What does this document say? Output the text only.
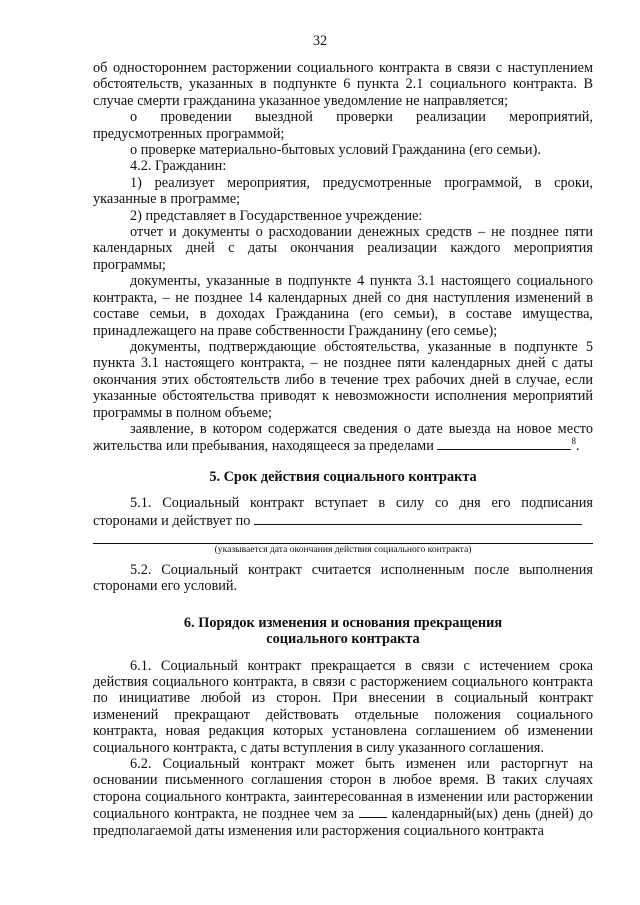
32

об одностороннем расторжении социального контракта в связи с наступлением обстоятельств, указанных в подпункте 6 пункта 2.1 социального контракта. В случае смерти гражданина указанное уведомление не направляется;

о проведении выездной проверки реализации мероприятий, предусмотренных программой;

о проверке материально-бытовых условий Гражданина (его семьи).

4.2. Гражданин:

1) реализует мероприятия, предусмотренные программой, в сроки, указанные в программе;

2) представляет в Государственное учреждение:

отчет и документы о расходовании денежных средств – не позднее пяти календарных дней с даты окончания реализации каждого мероприятия программы;

документы, указанные в подпункте 4 пункта 3.1 настоящего социального контракта, – не позднее 14 календарных дней со дня наступления изменений в составе семьи, в доходах Гражданина (его семьи), в составе имущества, принадлежащего на праве собственности Гражданину (его семье);

документы, подтверждающие обстоятельства, указанные в подпункте 5 пункта 3.1 настоящего контракта, – не позднее пяти календарных дней с даты окончания этих обстоятельств либо в течение трех рабочих дней в случае, если указанные обстоятельства приводят к невозможности исполнения мероприятий программы в полном объеме;

заявление, в котором содержатся сведения о дате выезда на новое место жительства или пребывания, находящееся за пределами	$^8$.

5. Срок действия социального контракта

5.1. Социальный контракт вступает в силу со дня его подписания сторонами и действует по

(указывается дата окончания действия социального контракта)

5.2. Социальный контракт считается исполненным после выполнения сторонами его условий.

6. Порядок изменения и основания прекращения

социального контракта

6.1. Социальный контракт прекращается в связи с истечением срока действия социального контракта, в связи с расторжением социального контракта по инициативе любой из сторон. При внесении в социальный контракт изменений прекращают действовать отдельные положения социального контракта, новая редакция которых установлена соглашением об изменении социального контракта, с даты вступления в силу указанного соглашения.

6.2. Социальный контракт может быть изменен или расторгнут на основании письменного соглашения сторон в любое время. В таких случаях сторона социального контракта, заинтересованная в изменении или расторжении социального контракта, не позднее чем за	календарный(ых) день (дней) до предполагаемой даты изменения или расторжения социального контракта
